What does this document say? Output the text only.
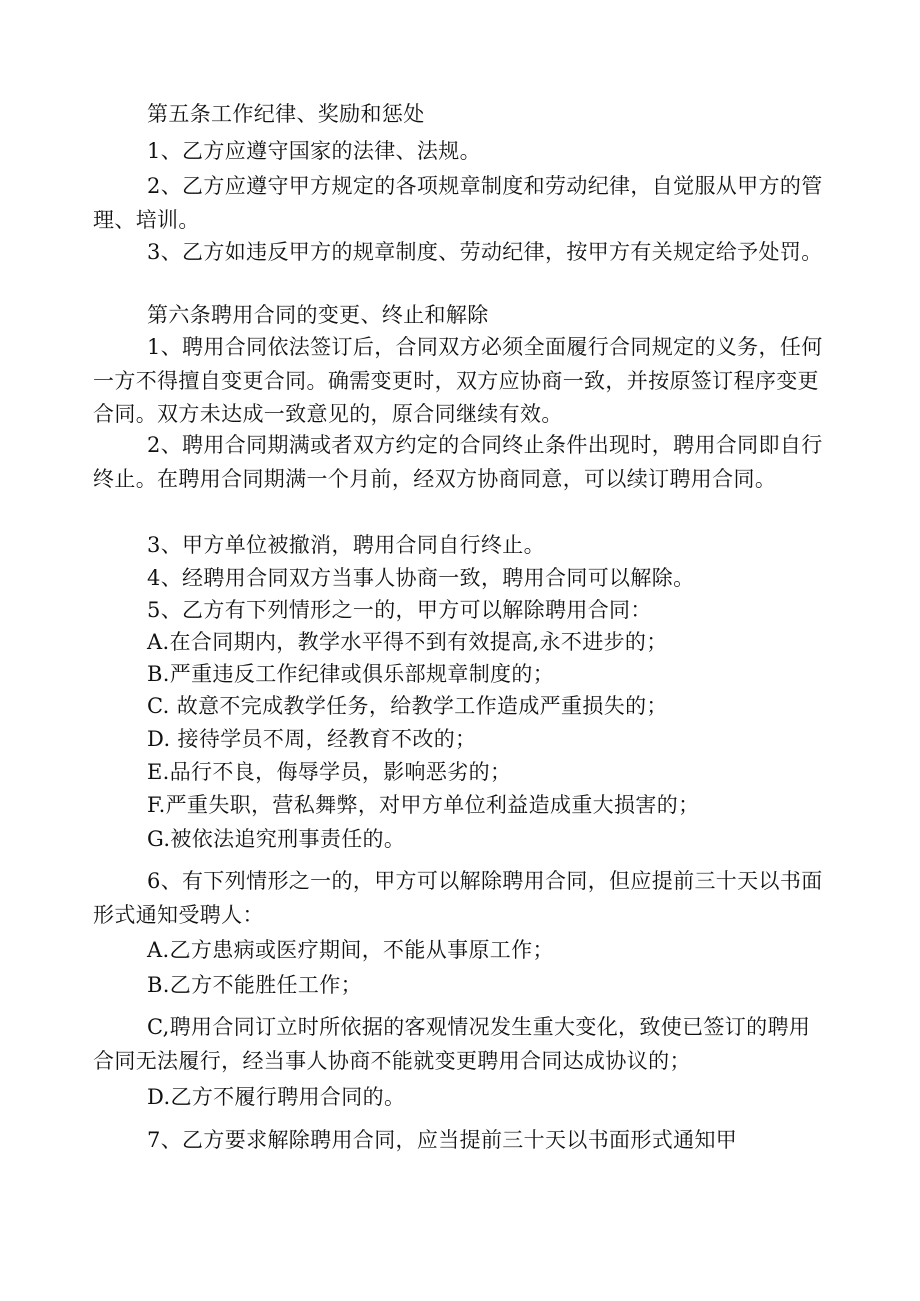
第五条工作纪律、奖励和惩处

1、乙方应遵守国家的法律、法规。

2、乙方应遵守甲方规定的各项规章制度和劳动纪律，自觉服从甲方的管理、培训。

3、乙方如违反甲方的规章制度、劳动纪律，按甲方有关规定给予处罚。

第六条聘用合同的变更、终止和解除

1、聘用合同依法签订后，合同双方必须全面履行合同规定的义务，任何一方不得擅自变更合同。确需变更时，双方应协商一致，并按原签订程序变更合同。双方未达成一致意见的，原合同继续有效。

2、聘用合同期满或者双方约定的合同终止条件出现时，聘用合同即自行终止。在聘用合同期满一个月前，经双方协商同意，可以续订聘用合同。

3、甲方单位被撤消，聘用合同自行终止。

4、经聘用合同双方当事人协商一致，聘用合同可以解除。

5、乙方有下列情形之一的，甲方可以解除聘用合同：

A.在合同期内，教学水平得不到有效提高,永不进步的；

B.严重违反工作纪律或俱乐部规章制度的；

C. 故意不完成教学任务，给教学工作造成严重损失的；

D. 接待学员不周，经教育不改的；

E.品行不良，侮辱学员，影响恶劣的；

F.严重失职，营私舞弊，对甲方单位利益造成重大损害的；

G.被依法追究刑事责任的。

6、有下列情形之一的，甲方可以解除聘用合同，但应提前三十天以书面形式通知受聘人：

A.乙方患病或医疗期间，不能从事原工作；

B.乙方不能胜任工作；

C,聘用合同订立时所依据的客观情况发生重大变化，致使已签订的聘用合同无法履行，经当事人协商不能就变更聘用合同达成协议的；

D.乙方不履行聘用合同的。

7、乙方要求解除聘用合同，应当提前三十天以书面形式通知甲
